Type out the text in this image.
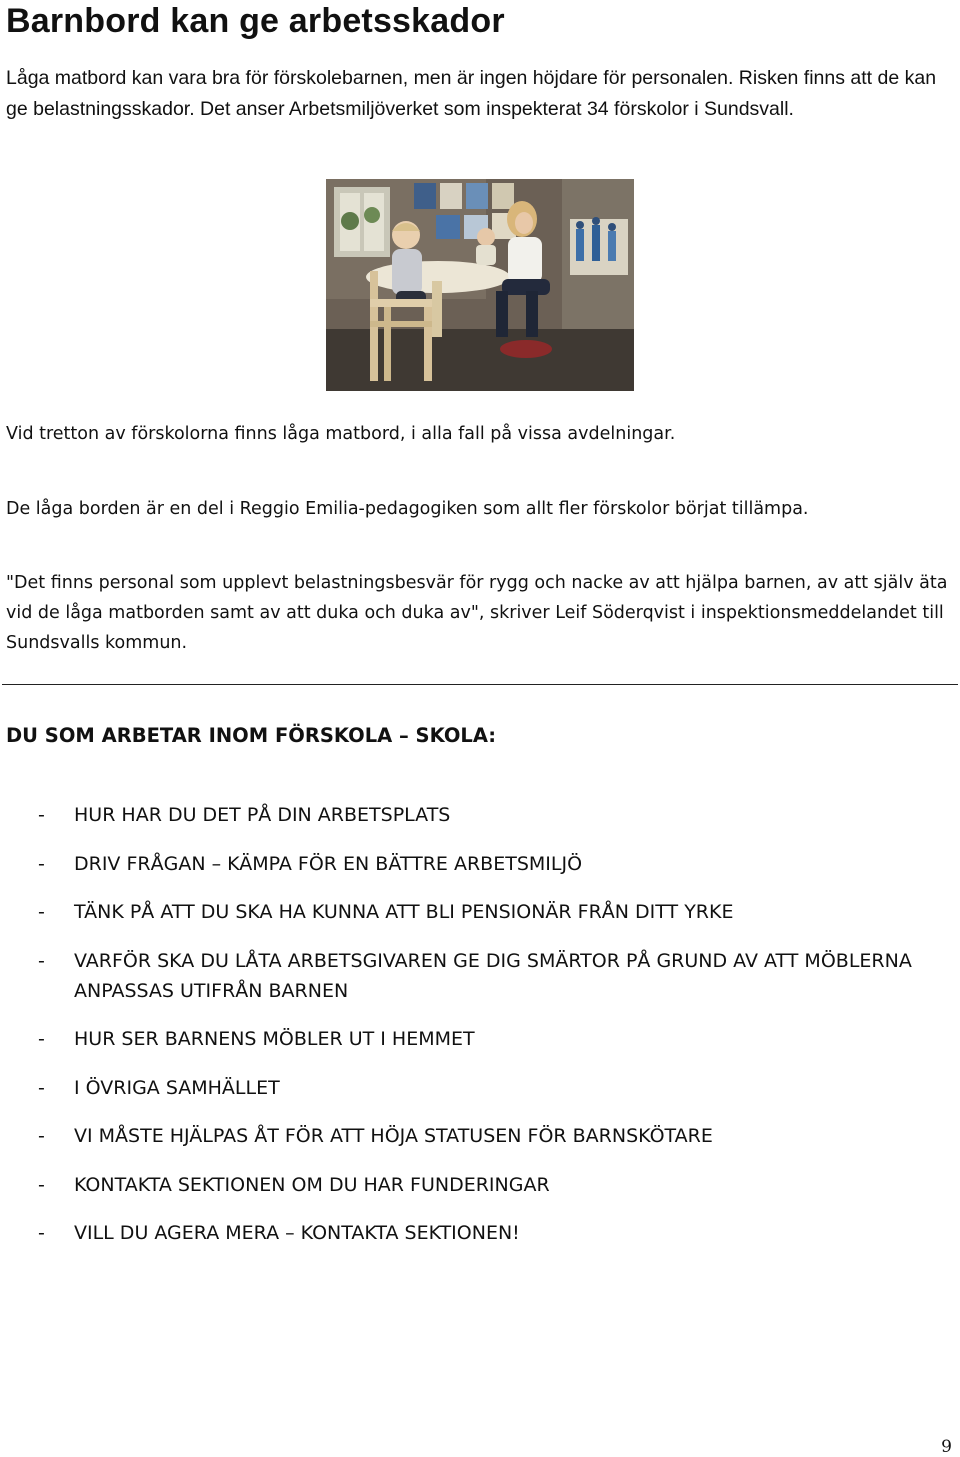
Barnbord kan ge arbetsskador

Låga matbord kan vara bra för förskolebarnen, men är ingen höjdare för personalen. Risken finns att de kan ge belastningsskador. Det anser Arbetsmiljöverket som inspekterat 34 förskolor i Sundsvall.

Vid tretton av förskolorna finns låga matbord, i alla fall på vissa avdelningar.

De låga borden är en del i Reggio Emilia-pedagogiken som allt fler förskolor börjat tillämpa.

"Det finns personal som upplevt belastningsbesvär för rygg och nacke av att hjälpa barnen, av att själv äta vid de låga matborden samt av att duka och duka av", skriver Leif Söderqvist i inspektionsmeddelandet till Sundsvalls kommun.

DU SOM ARBETAR INOM FÖRSKOLA – SKOLA:
- HUR HAR DU DET PÅ DIN ARBETSPLATS
- DRIV FRÅGAN – KÄMPA FÖR EN BÄTTRE ARBETSMILJÖ
- TÄNK PÅ ATT DU SKA HA KUNNA ATT BLI PENSIONÄR FRÅN DITT YRKE
- VARFÖR SKA DU LÅTA ARBETSGIVAREN GE DIG SMÄRTOR PÅ GRUND AV ATT MÖBLERNA ANPASSAS UTIFRÅN BARNEN
- HUR SER BARNENS MÖBLER UT I HEMMET
- I ÖVRIGA SAMHÄLLET
- VI MÅSTE HJÄLPAS ÅT FÖR ATT HÖJA STATUSEN FÖR BARNSKÖTARE
- KONTAKTA SEKTIONEN OM DU HAR FUNDERINGAR
- VILL DU AGERA MERA – KONTAKTA SEKTIONEN!
9
